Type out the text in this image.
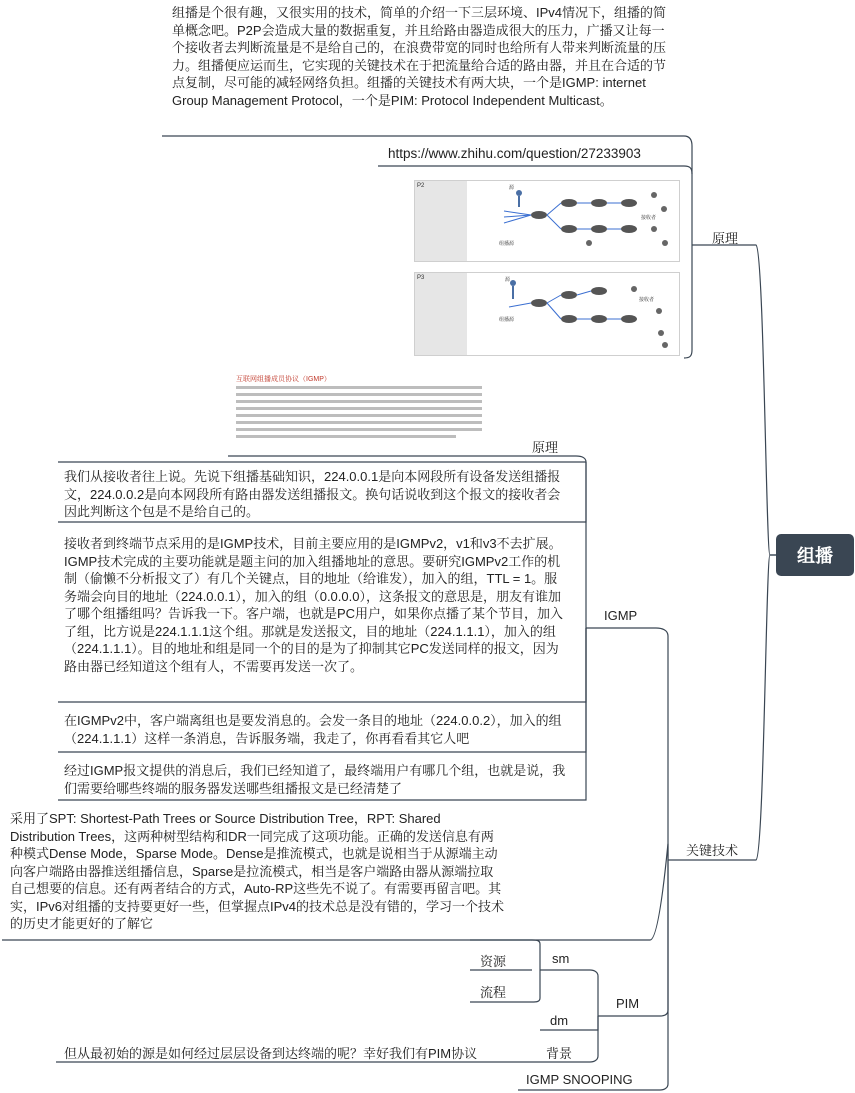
组播
原理
组播是个很有趣，又很实用的技术，简单的介绍一下三层环境、IPv4情况下，组播的简单概念吧。P2P会造成大量的数据重复，并且给路由器造成很大的压力，广播又让每一个接收者去判断流量是不是给自己的，在浪费带宽的同时也给所有人带来判断流量的压力。组播便应运而生，它实现的关键技术在于把流量给合适的路由器，并且在合适的节点复制，尽可能的减轻网络负担。组播的关键技术有两大块，一个是IGMP: internet Group Management Protocol，一个是PIM: Protocol Independent Multicast。
https://www.zhihu.com/question/27233903
P2	源
组播源
接收者
P3	源
组播源
接收者
互联网组播成员协议（IGMP）
关键技术
原理
IGMP
我们从接收者往上说。先说下组播基础知识，224.0.0.1是向本网段所有设备发送组播报文，224.0.0.2是向本网段所有路由器发送组播报文。换句话说收到这个报文的接收者会因此判断这个包是不是给自己的。
接收者到终端节点采用的是IGMP技术，目前主要应用的是IGMPv2，v1和v3不去扩展。IGMP技术完成的主要功能就是题主问的加入组播地址的意思。要研究IGMPv2工作的机制（偷懒不分析报文了）有几个关键点，目的地址（给谁发），加入的组，TTL = 1。服务端会向目的地址（224.0.0.1），加入的组（0.0.0.0），这条报文的意思是，朋友有谁加了哪个组播组吗？告诉我一下。客户端，也就是PC用户，如果你点播了某个节目，加入了组，比方说是224.1.1.1这个组。那就是发送报文，目的地址（224.1.1.1），加入的组（224.1.1.1）。目的地址和组是同一个的目的是为了抑制其它PC发送同样的报文，因为路由器已经知道这个组有人，不需要再发送一次了。
在IGMPv2中，客户端离组也是要发消息的。会发一条目的地址（224.0.0.2），加入的组（224.1.1.1）这样一条消息，告诉服务端，我走了，你再看看其它人吧
经过IGMP报文提供的消息后，我们已经知道了，最终端用户有哪几个组，也就是说，我们需要给哪些终端的服务器发送哪些组播报文是已经清楚了
采用了SPT: Shortest-Path Trees or Source Distribution Tree，RPT: Shared Distribution Trees，这两种树型结构和DR一同完成了这项功能。正确的发送信息有两种模式Dense Mode，Sparse Mode。Dense是推流模式，也就是说相当于从源端主动向客户端路由器推送组播信息，Sparse是拉流模式，相当是客户端路由器从源端拉取自己想要的信息。还有两者结合的方式，Auto-RP这些先不说了。有需要再留言吧。其实，IPv6对组播的支持要更好一些，但掌握点IPv4的技术总是没有错的，学习一个技术的历史才能更好的了解它
PIM
sm
资源
流程
dm
背景
但从最初始的源是如何经过层层设备到达终端的呢？幸好我们有PIM协议
IGMP SNOOPING
